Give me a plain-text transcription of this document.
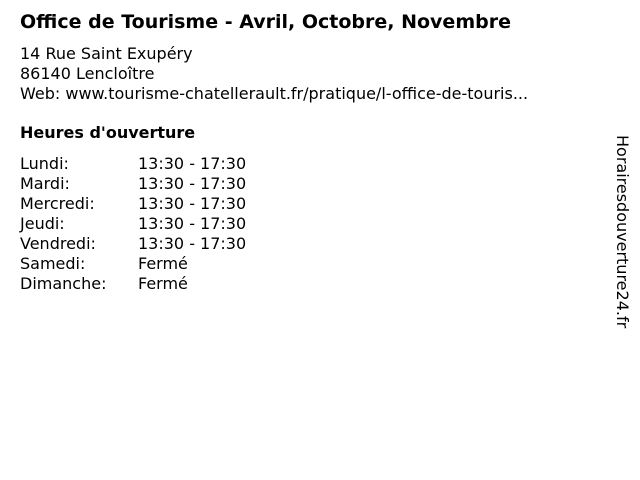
Office de Tourisme - Avril, Octobre, Novembre
14 Rue Saint Exupéry
86140 Lencloître
Web: www.tourisme-chatellerault.fr/pratique/l-office-de-touris...
Heures d'ouverture
Lundi:	13:30 - 17:30
Mardi:	13:30 - 17:30
Mercredi:	13:30 - 17:30
Jeudi:	13:30 - 17:30
Vendredi:	13:30 - 17:30
Samedi:	Fermé
Dimanche:	Fermé	Horairesdouverture24.fr
